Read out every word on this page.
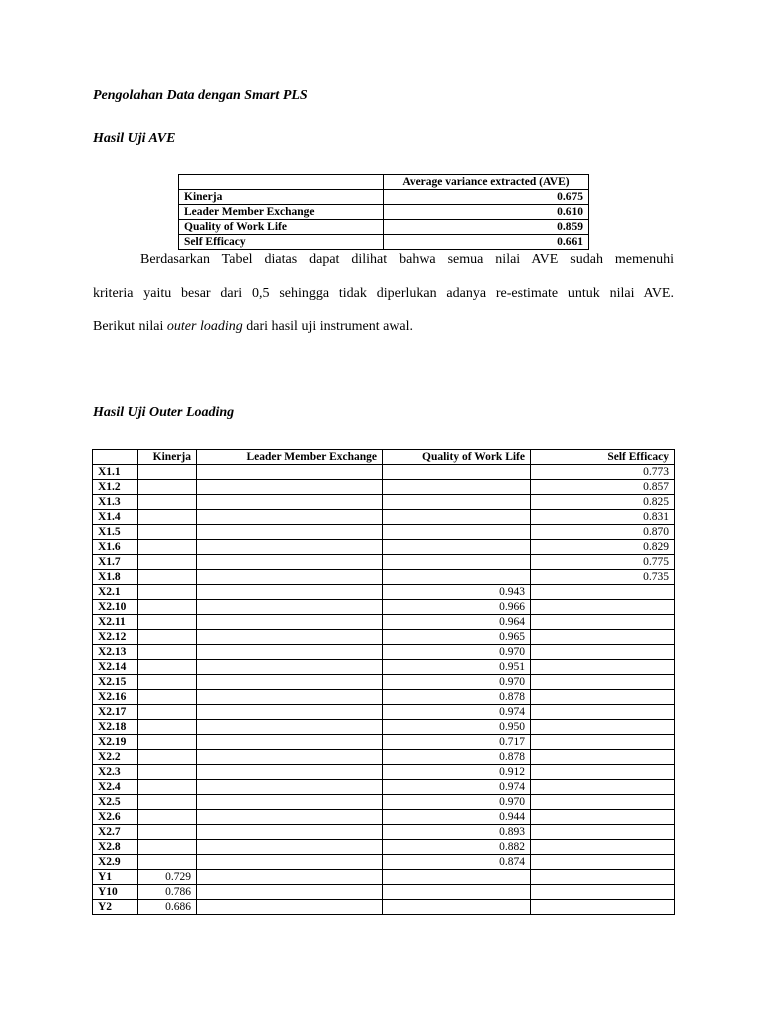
Pengolahan Data dengan Smart PLS

Hasil Uji AVE

	Average variance extracted (AVE)
Kinerja	0.675
Leader Member Exchange	0.610
Quality of Work Life	0.859
Self Efficacy	0.661

Berdasarkan Tabel diatas dapat dilihat bahwa semua nilai AVE sudah memenuhi

kriteria yaitu besar dari 0,5 sehingga tidak diperlukan adanya re-estimate untuk nilai AVE.

Berikut nilai outer loading dari hasil uji instrument awal.

Hasil Uji Outer Loading

	Kinerja	Leader Member Exchange	Quality of Work Life	Self Efficacy
X1.1				0.773
X1.2				0.857
X1.3				0.825
X1.4				0.831
X1.5				0.870
X1.6				0.829
X1.7				0.775
X1.8				0.735
X2.1			0.943	
X2.10			0.966	
X2.11			0.964	
X2.12			0.965	
X2.13			0.970	
X2.14			0.951	
X2.15			0.970	
X2.16			0.878	
X2.17			0.974	
X2.18			0.950	
X2.19			0.717	
X2.2			0.878	
X2.3			0.912	
X2.4			0.974	
X2.5			0.970	
X2.6			0.944	
X2.7			0.893	
X2.8			0.882	
X2.9			0.874	
Y1	0.729			
Y10	0.786			
Y2	0.686			
